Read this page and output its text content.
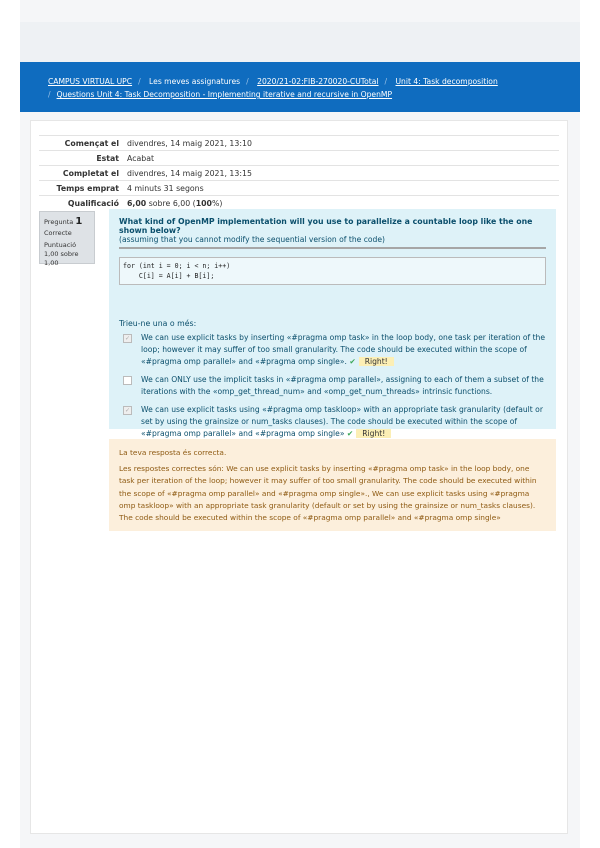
CAMPUS VIRTUAL UPC / Les meves assignatures / 2020/21-02:FIB-270020-CUTotal / Unit 4: Task decomposition
/ Questions Unit 4: Task Decomposition - Implementing iterative and recursive in OpenMP
Començat el	divendres, 14 maig 2021, 13:10
Estat	Acabat
Completat el	divendres, 14 maig 2021, 13:15
Temps emprat	4 minuts 31 segons
Qualificació	6,00 sobre 6,00 (100%)
Pregunta 1
Correcte

Puntuació 1,00 sobre 1,00
What kind of OpenMP implementation will you use to parallelize a countable loop like the one shown below?
(assuming that you cannot modify the sequential version of the code)
for (int i = 0; i < n; i++)
C[i] = A[i] + B[i];
Trieu-ne una o més:
✓ We can use explicit tasks by inserting «#pragma omp task» in the loop body, one task per iteration of the loop; however it may suffer of too small granularity. The code should be executed within the scope of «#pragma omp parallel» and «#pragma omp single». ✔ Right!
We can ONLY use the implicit tasks in «#pragma omp parallel», assigning to each of them a subset of the iterations with the «omp_get_thread_num» and «omp_get_num_threads» intrinsic functions.
✓ We can use explicit tasks using «#pragma omp taskloop» with an appropriate task granularity (default or set by using the grainsize or num_tasks clauses). The code should be executed within the scope of «#pragma omp parallel» and «#pragma omp single» ✔ Right!

La teva resposta és correcta.

Les respostes correctes són: We can use explicit tasks by inserting «#pragma omp task» in the loop body, one task per iteration of the loop; however it may suffer of too small granularity. The code should be executed within the scope of «#pragma omp parallel» and «#pragma omp single»., We can use explicit tasks using «#pragma omp taskloop» with an appropriate task granularity (default or set by using the grainsize or num_tasks clauses). The code should be executed within the scope of «#pragma omp parallel» and «#pragma omp single»
